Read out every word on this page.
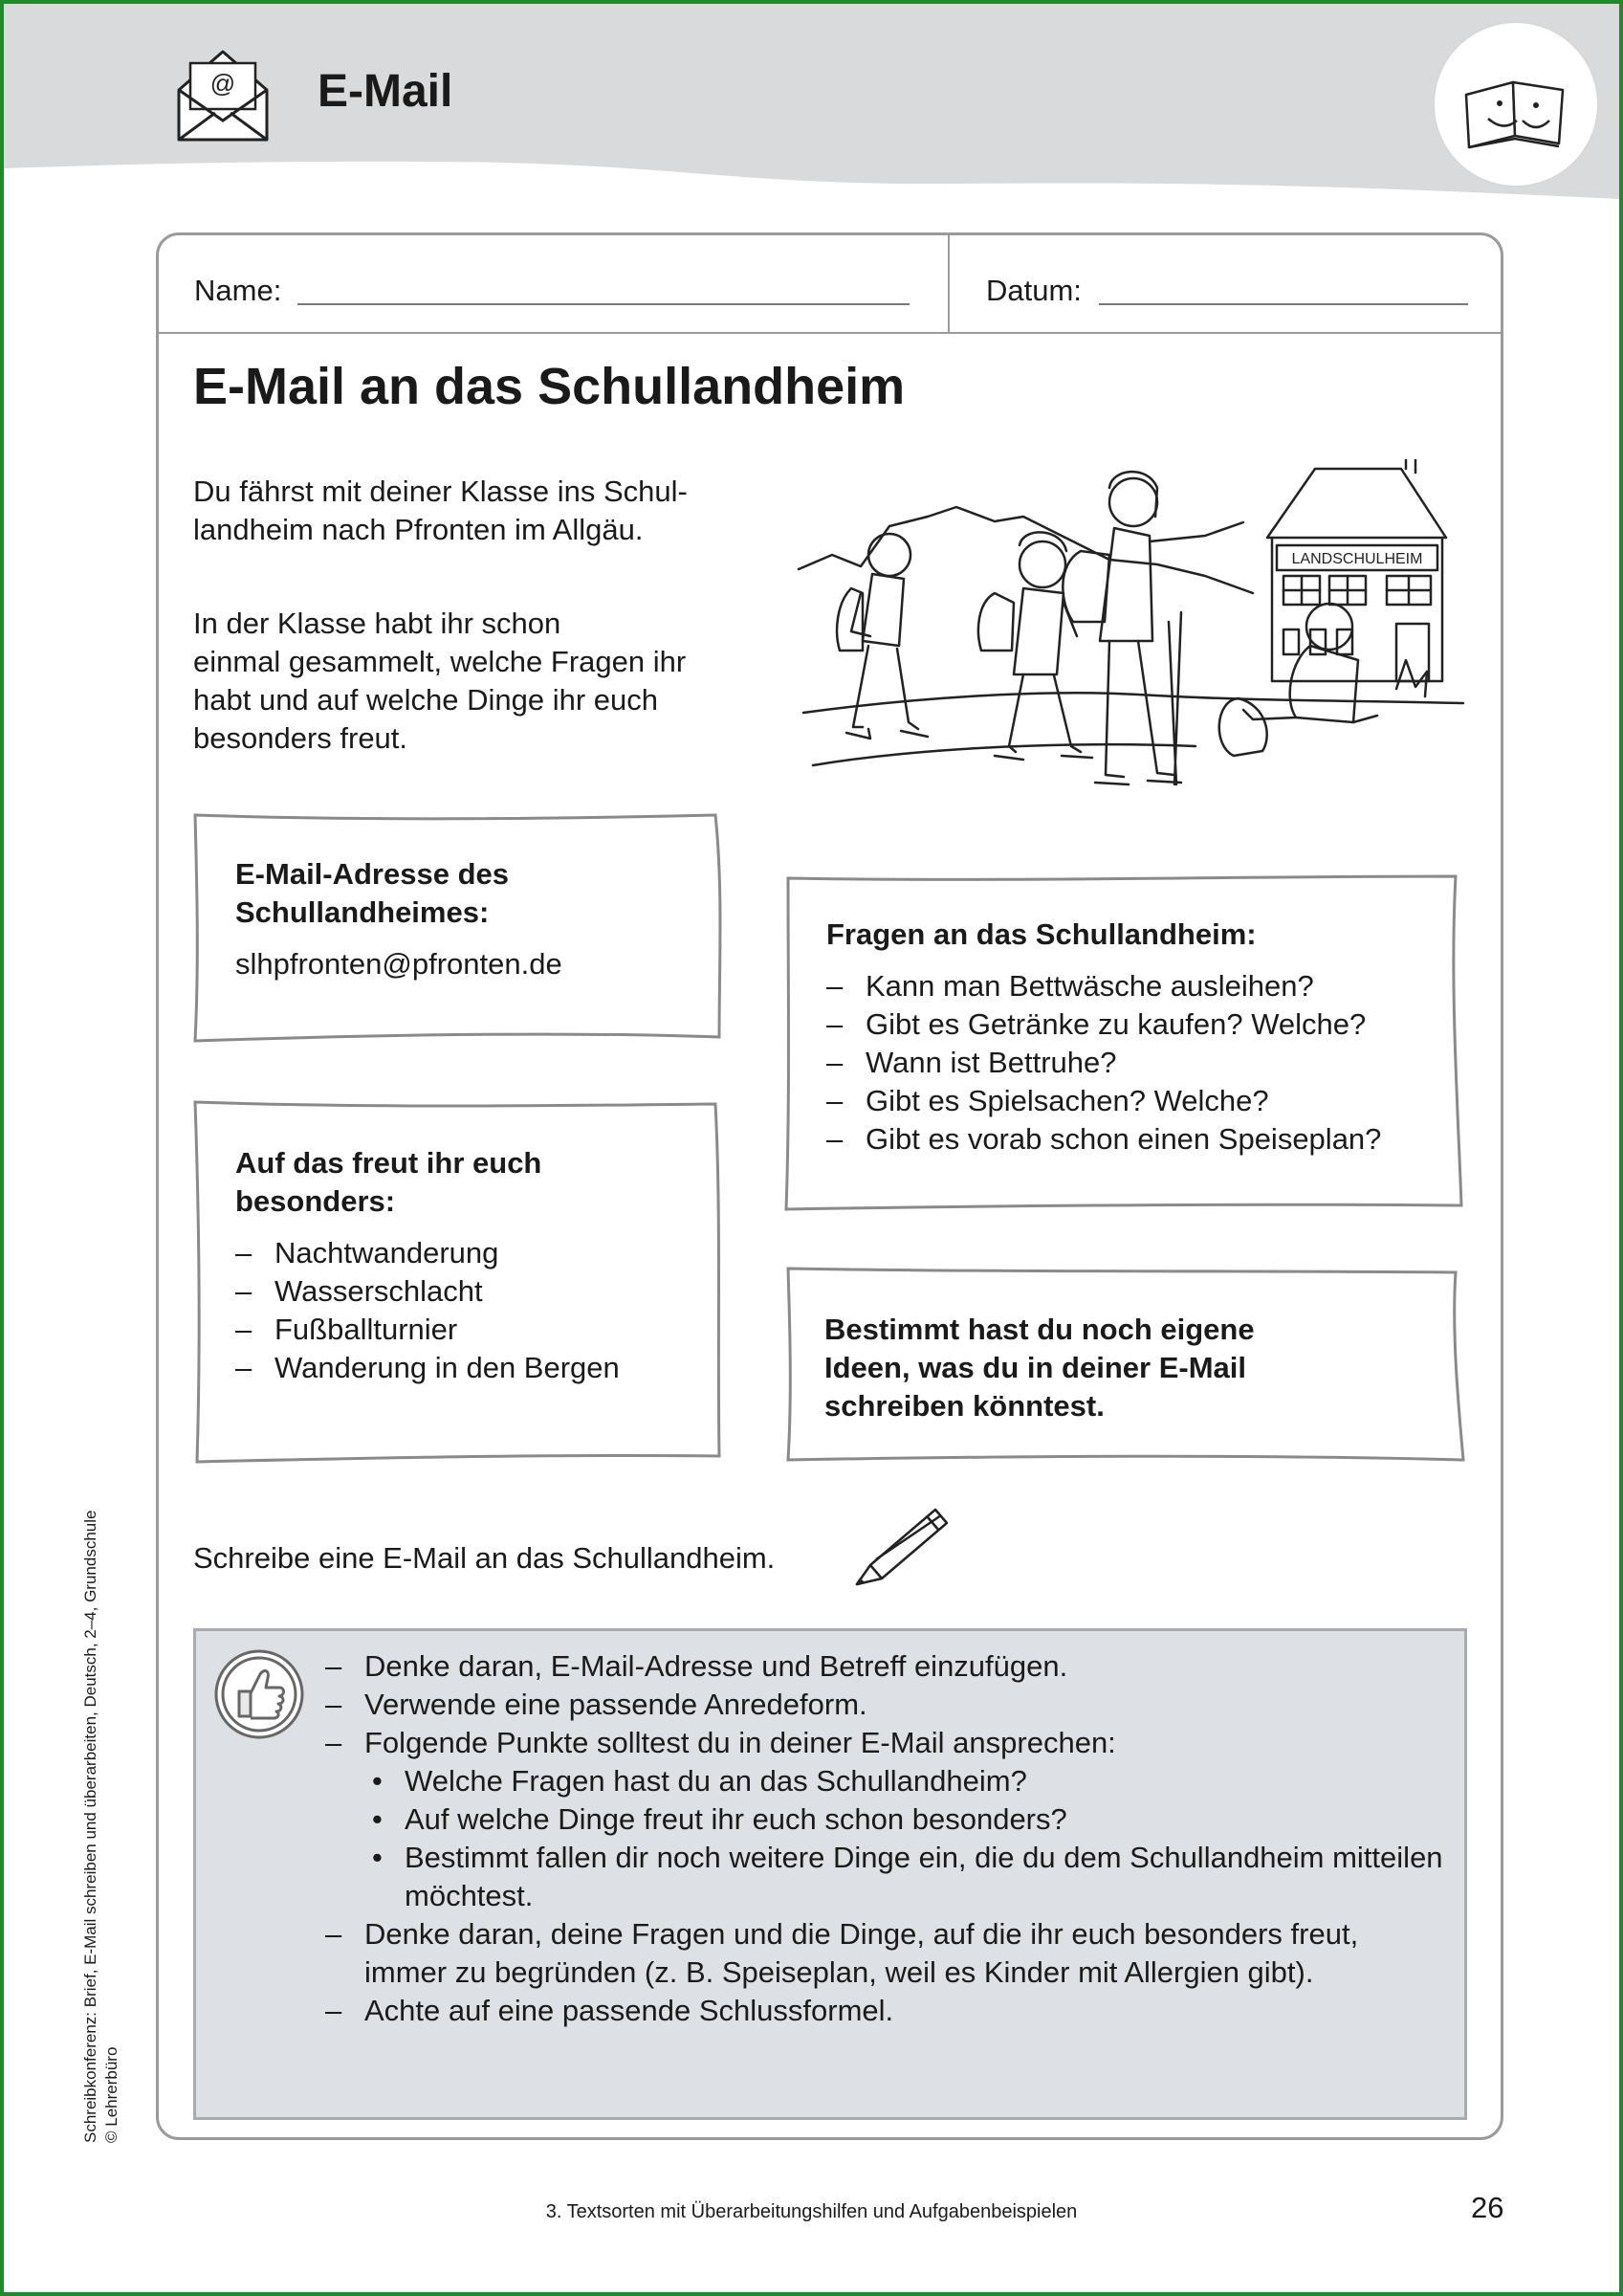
@ E-Mail
Name:	Datum:
E-Mail an das Schullandheim
Du fährst mit deiner Klasse ins Schul-
landheim nach Pfronten im Allgäu.
In der Klasse habt ihr schon
einmal gesammelt, welche Fragen ihr
habt und auf welche Dinge ihr euch
besonders freut.
LANDSCHULHEIM
E-Mail-Adresse des
Schullandheimes:
slhpfronten@pfronten.de
Auf das freut ihr euch
besonders:
– Nachtwanderung
– Wasserschlacht
– Fußballturnier
– Wanderung in den Bergen
Fragen an das Schullandheim:
– Kann man Bettwäsche ausleihen?
– Gibt es Getränke zu kaufen? Welche?
– Wann ist Bettruhe?
– Gibt es Spielsachen? Welche?
– Gibt es vorab schon einen Speiseplan?
Bestimmt hast du noch eigene
Ideen, was du in deiner E-Mail
schreiben könntest.
Schreibe eine E-Mail an das Schullandheim.
– Denke daran, E-Mail-Adresse und Betreff einzufügen.
– Verwende eine passende Anredeform.
– Folgende Punkte solltest du in deiner E-Mail ansprechen:
• Welche Fragen hast du an das Schullandheim?
• Auf welche Dinge freut ihr euch schon besonders?
• Bestimmt fallen dir noch weitere Dinge ein, die du dem Schullandheim mitteilen möchtest.
– Denke daran, deine Fragen und die Dinge, auf die ihr euch besonders freut, immer zu begründen (z. B. Speiseplan, weil es Kinder mit Allergien gibt).
– Achte auf eine passende Schlussformel.
3. Textsorten mit Überarbeitungshilfen und Aufgabenbeispielen	26
Schreibkonferenz: Brief, E-Mail schreiben und überarbeiten, Deutsch, 2–4, Grundschule © Lehrerbüro
